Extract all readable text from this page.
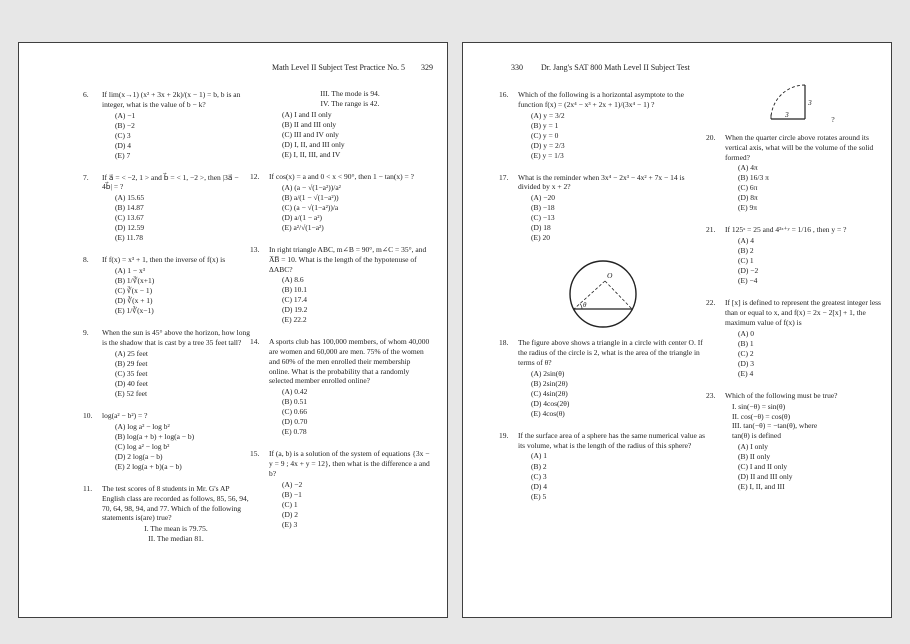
Math Level II Subject Test Practice No. 5 329
6.	If lim(x→1) (x² + 3x + 2k)/(x − 1) = b, b is an integer, what is the value of b − k?
(A) −1
(B) −2
(C) 3
(D) 4
(E) 7
7.	If a⃗ = < −2, 1 > and b⃗ = < 1, −2 >, then |3a⃗ − 4b⃗| = ?
(A) 15.65
(B) 14.87
(C) 13.67
(D) 12.59
(E) 11.78
8.	If f(x) = x³ + 1, then the inverse of f(x) is
(A) 1 − x³
(B) 1/∛(x+1)
(C) ∛(x − 1)
(D) ∛(x + 1)
(E) 1/∛(x−1)
9.	When the sun is 45° above the horizon, how long is the shadow that is cast by a tree 35 feet tall?
(A) 25 feet
(B) 29 feet
(C) 35 feet
(D) 40 feet
(E) 52 feet
10.	log(a² − b²) = ?
(A) log a² − log b²
(B) log(a + b) + log(a − b)
(C) log a² − log b²
(D) 2 log(a − b)
(E) 2 log(a + b)(a − b)
11.	The test scores of 8 students in Mr. G's AP English class are recorded as follows, 85, 56, 94, 70, 64, 98, 94, and 77. Which of the following statements is(are) true?
I. The mean is 79.75.
II. The median 81.
III. The mode is 94.
IV. The range is 42.
(A) I and II only
(B) II and III only
(C) III and IV only
(D) I, II, and III only
(E) I, II, III, and IV
12.	If cos(x) = a and 0 < x < 90°, then 1 − tan(x) = ?
(A) (a − √(1−a²))/a²
(B) a/(1 − √(1−a²))
(C) (a − √(1−a²))/a
(D) a/(1 − a²)
(E) a²/√(1−a²)
13.	In right triangle ABC, m∠B = 90°, m∠C = 35°, and A̅B̅ = 10. What is the length of the hypotenuse of ΔABC?
(A) 8.6
(B) 10.1
(C) 17.4
(D) 19.2
(E) 22.2
14.	A sports club has 100,000 members, of whom 40,000 are women and 60,000 are men. 75% of the women and 60% of the men enrolled their membership online. What is the probability that a randomly selected member enrolled online?
(A) 0.42
(B) 0.51
(C) 0.66
(D) 0.70
(E) 0.78
15.	If (a, b) is a solution of the system of equations {3x − y = 9 ; 4x + y = 12}, then what is the difference a and b?
(A) −2
(B) −1
(C) 1
(D) 2
(E) 3
330 Dr. Jang's SAT 800 Math Level II Subject Test
16.	Which of the following is a horizontal asymptote to the function f(x) = (2x⁴ − x³ + 2x + 1)/(3x⁴ − 1) ?
(A) y = 3/2
(B) y = 1
(C) y = 0
(D) y = 2/3
(E) y = 1/3
17.	What is the reminder when 3x⁴ − 2x³ − 4x² + 7x − 14 is divided by x + 2?
(A) −20
(B) −18
(C) −13
(D) 18
(E) 20
O
θ
18.	The figure above shows a triangle in a circle with center O. If the radius of the circle is 2, what is the area of the triangle in terms of θ?
(A) 2sin(θ)
(B) 2sin(2θ)
(C) 4sin(2θ)
(D) 4cos(2θ)
(E) 4cos(θ)
19.	If the surface area of a sphere has the same numerical value as its volume, what is the length of the radius of this sphere?
(A) 1
(B) 2
(C) 3
(D) 4
(E) 5
3
3
?
20.	When the quarter circle above rotates around its vertical axis, what will be the volume of the solid formed?
(A) 4π
(B) 16/3 π
(C) 6π
(D) 8π
(E) 9π
21.	If 125ˣ = 25 and 4²ˣ⁺ʸ = 1/16 , then y = ?
(A) 4
(B) 2
(C) 1
(D) −2
(E) −4
22.	If [x] is defined to represent the greatest integer less than or equal to x, and f(x) = 2x − 2[x] + 1, the maximum value of f(x) is
(A) 0
(B) 1
(C) 2
(D) 3
(E) 4
23.	Which of the following must be true?
I. sin(−θ) = sin(θ)
II. cos(−θ) = cos(θ)
III. tan(−θ) = −tan(θ), where
tan(θ) is defined
(A) I only
(B) II only
(C) I and II only
(D) II and III only
(E) I, II, and III
